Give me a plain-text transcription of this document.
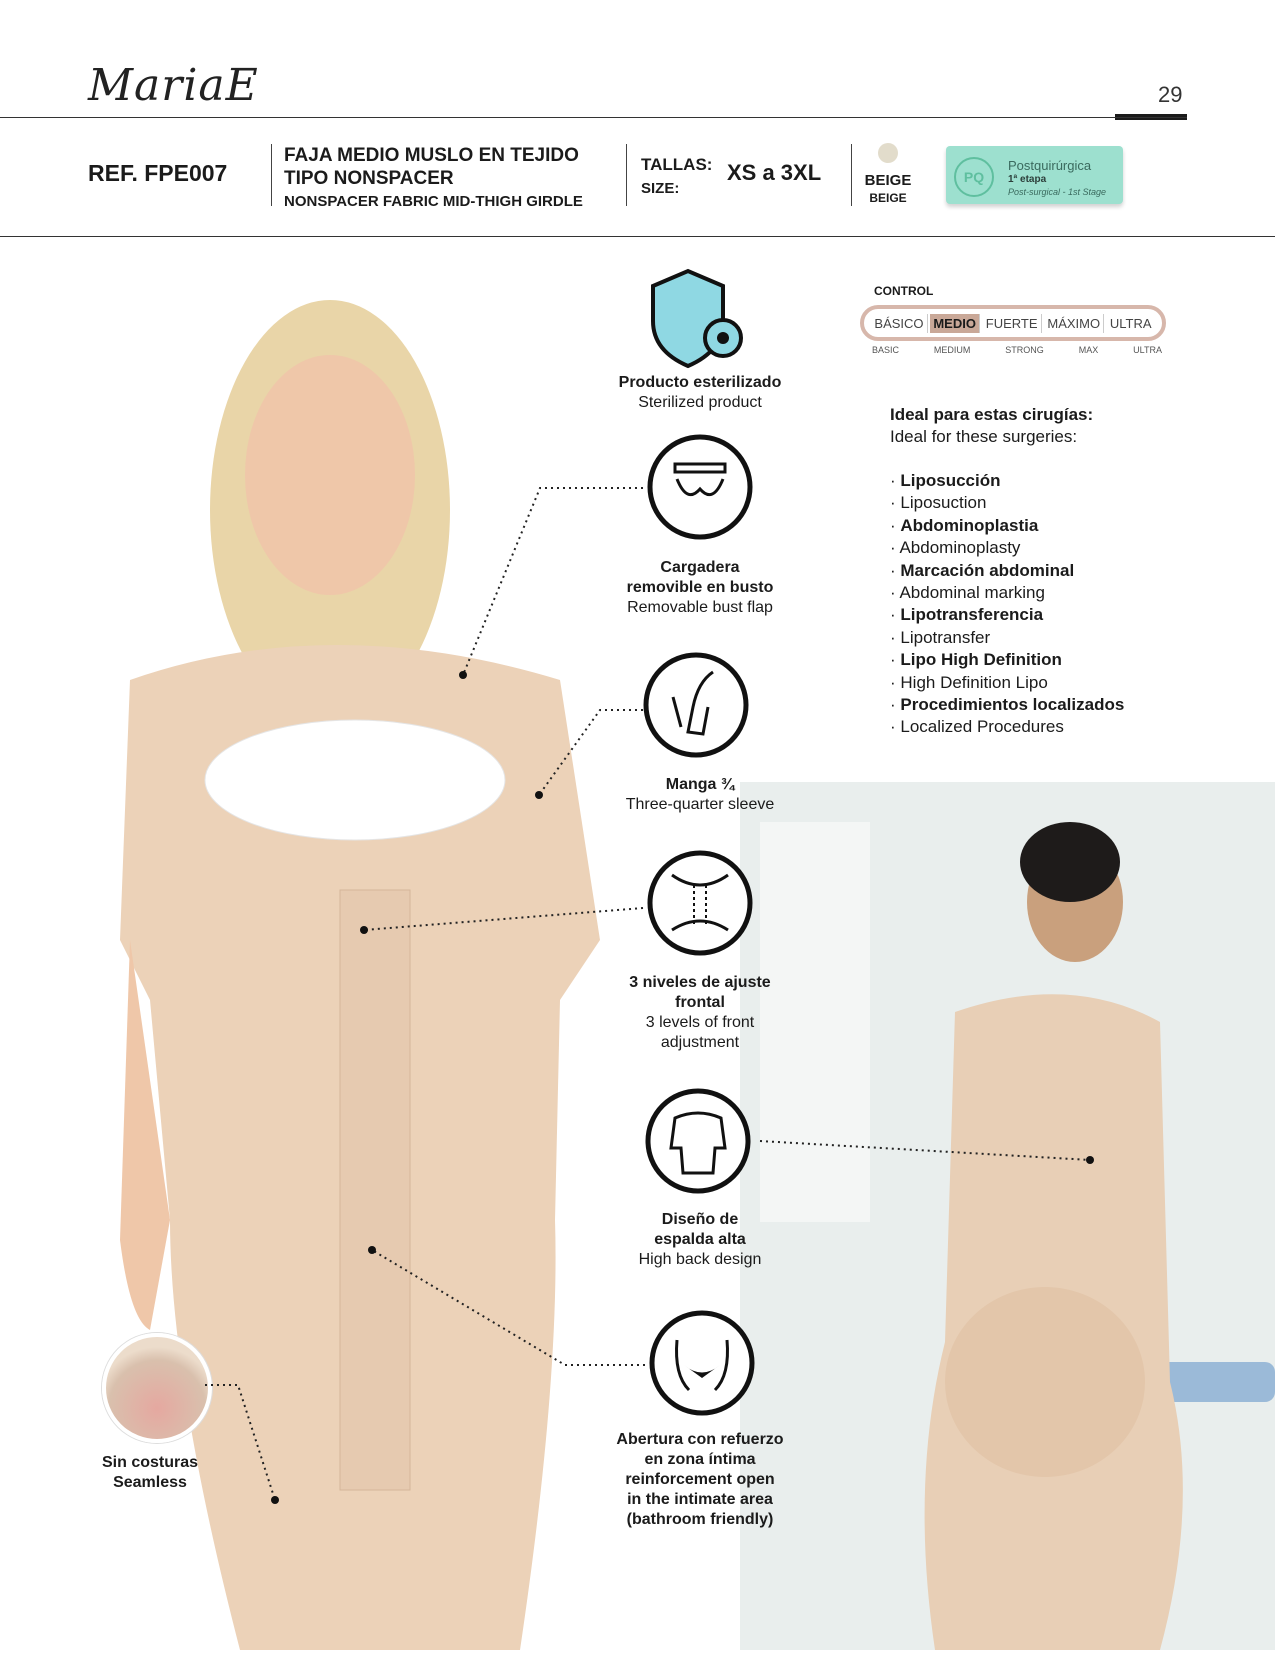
MariaE	29
REF. FPE007
FAJA MEDIO MUSLO EN TEJIDO TIPO NONSPACER
NONSPACER FABRIC MID-THIGH GIRDLE
TALLAS:
SIZE:
XS a 3XL	BEIGE
BEIGE
PQ
Postquirúrgica
1ª etapa
Post-surgical - 1st Stage
CONTROL
BÁSICO MEDIO FUERTE MÁXIMO ULTRA
BASIC	MEDIUM	STRONG	MAX	ULTRA
Ideal para estas cirugías:
Ideal for these surgeries:
· Liposucción
· Liposuction
· Abdominoplastia
· Abdominoplasty
· Marcación abdominal
· Abdominal marking
· Lipotransferencia
· Lipotransfer
· Lipo High Definition
· High Definition Lipo
· Procedimientos localizados
· Localized Procedures
Producto esterilizado
Sterilized product
Cargadera
removible en busto
Removable bust flap
Manga ¾
Three-quarter sleeve
3 niveles de ajuste
frontal
3 levels of front
adjustment
Diseño de
espalda alta
High back design
Abertura con refuerzo
en zona íntima
reinforcement open
in the intimate area
(bathroom friendly)
Sin costuras
Seamless
